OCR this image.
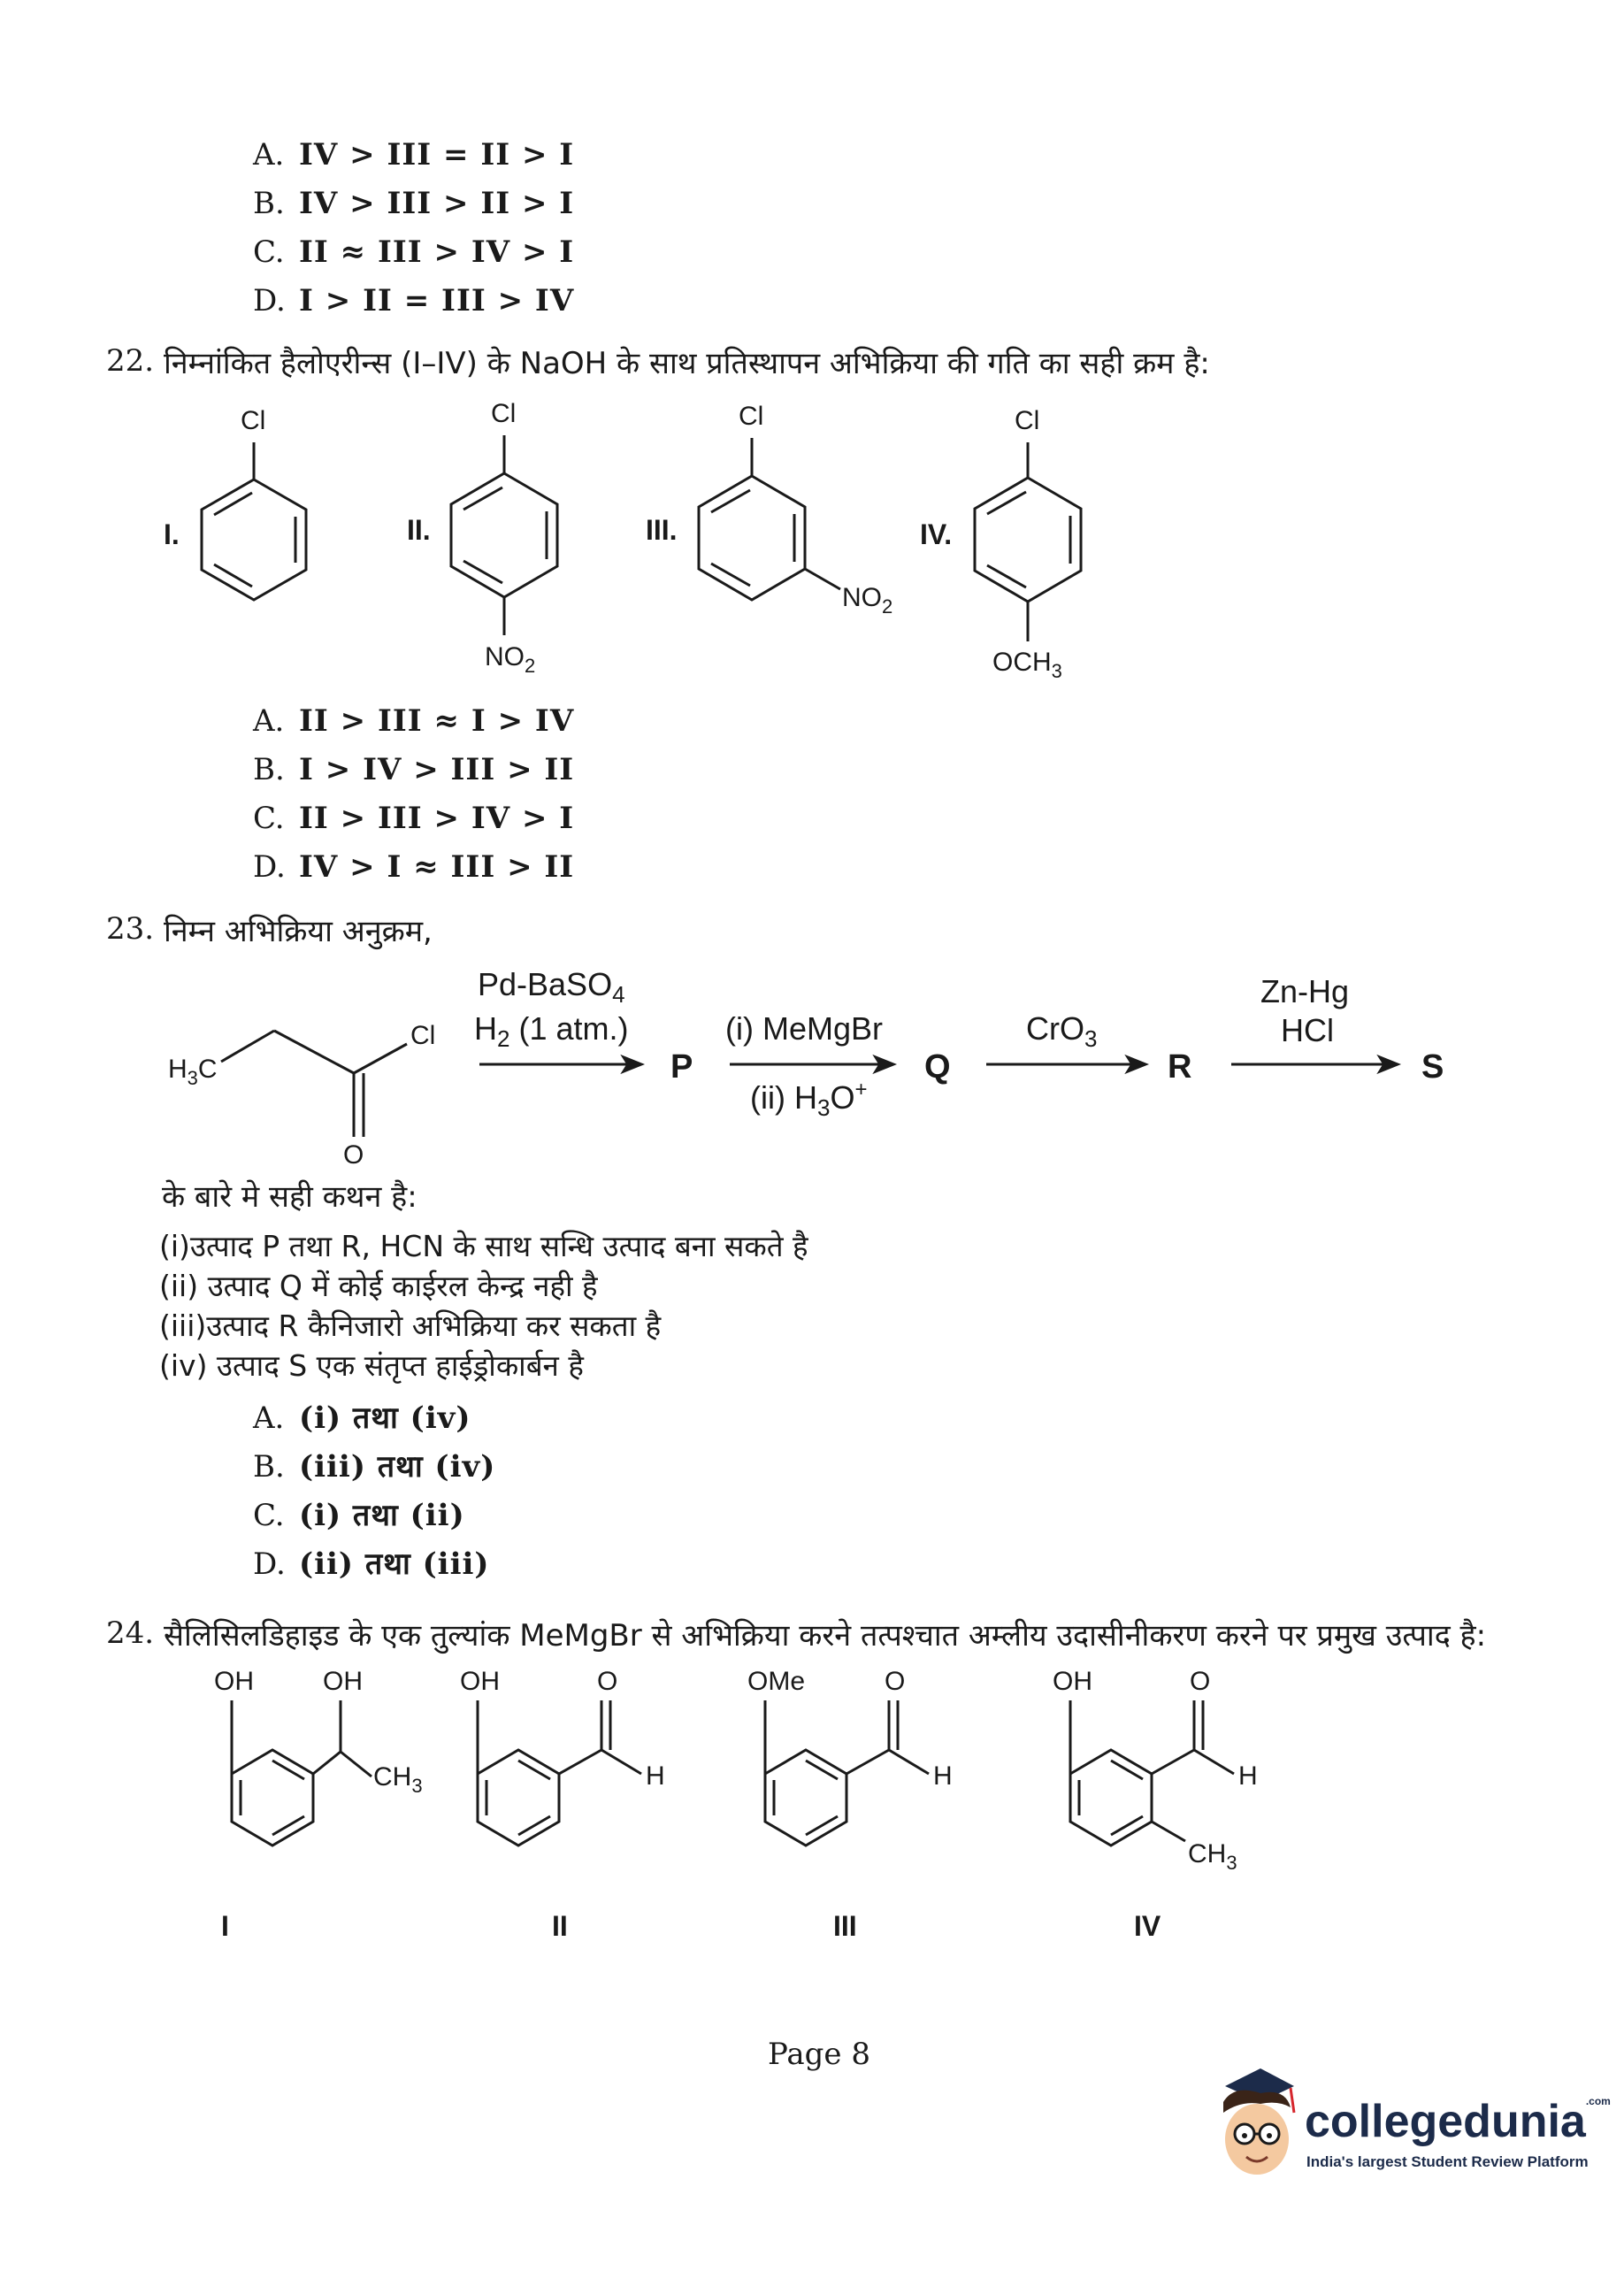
A. IV > III = II > I
B. IV > III > II > I
C. II ≈ III > IV > I
D. I > II = III > IV
22. निम्नांकित हैलोएरीन्स (I–IV) के NaOH के साथ प्रतिस्थापन अभिक्रिया की गति का सही क्रम है:
I.
Cl
II.
Cl
$NO_2$
III.
Cl
$NO_2$
IV.
Cl
$OCH_3$
A. II > III ≈ I > IV
B. I > IV > III > II
C. II > III > IV > I
D. IV > I ≈ III > II
23. निम्न अभिक्रिया अनुक्रम,
$H_3C$
Cl
O
Pd-BaSO$_4$
$H_2$ (1 atm.)
P
(i) MeMgBr
(ii) $H_3O^+$
Q
CrO$_3$
R
Zn-Hg
HCl
S
के बारे मे सही कथन है:
(i)उत्पाद P तथा R, HCN के साथ सन्धि उत्पाद बना सकते है
(ii) उत्पाद Q में कोई काईरल केन्द्र नही है
(iii)उत्पाद R कैनिजारो अभिक्रिया कर सकता है
(iv) उत्पाद S एक संतृप्त हाईड्रोकार्बन है
A. (i) तथा (iv)
B. (iii) तथा (iv)
C. (i) तथा (ii)
D. (ii) तथा (iii)
24. सैलिसिलडिहाइड के एक तुल्यांक MeMgBr से अभिक्रिया करने तत्पश्चात अम्लीय उदासीनीकरण करने पर प्रमुख उत्पाद है:
OH	OH
$CH_3$
I
OH	O
H
II
OMe	O
H
III
OH	O
H
$CH_3$
IV
Page 8
collegedunia$^{.com}$
India's largest Student Review Platform
